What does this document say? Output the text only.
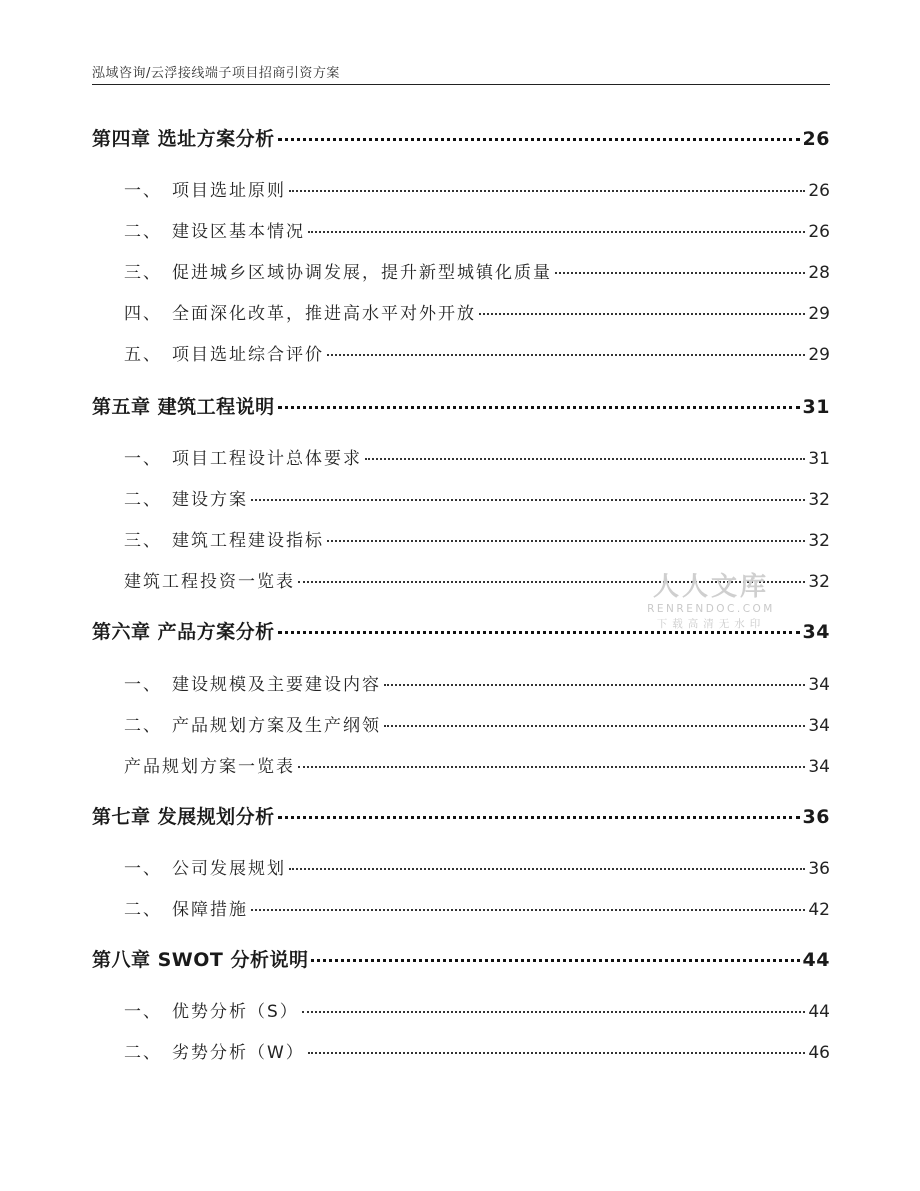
泓域咨询/云浮接线端子项目招商引资方案
第四章 选址方案分析	26
一、 项目选址原则	26
二、 建设区基本情况	26
三、 促进城乡区域协调发展，提升新型城镇化质量	28
四、 全面深化改革，推进高水平对外开放	29
五、 项目选址综合评价	29
第五章 建筑工程说明	31
一、 项目工程设计总体要求	31
二、 建设方案	32
三、 建筑工程建设指标	32
建筑工程投资一览表	32
第六章 产品方案分析	34
一、 建设规模及主要建设内容	34
二、 产品规划方案及生产纲领	34
产品规划方案一览表	34
第七章 发展规划分析	36
一、 公司发展规划	36
二、 保障措施	42
第八章 SWOT 分析说明	44
一、 优势分析（S）	44
二、 劣势分析（W）	46
人人文库
RENRENDOC.COM
下载高清无水印
